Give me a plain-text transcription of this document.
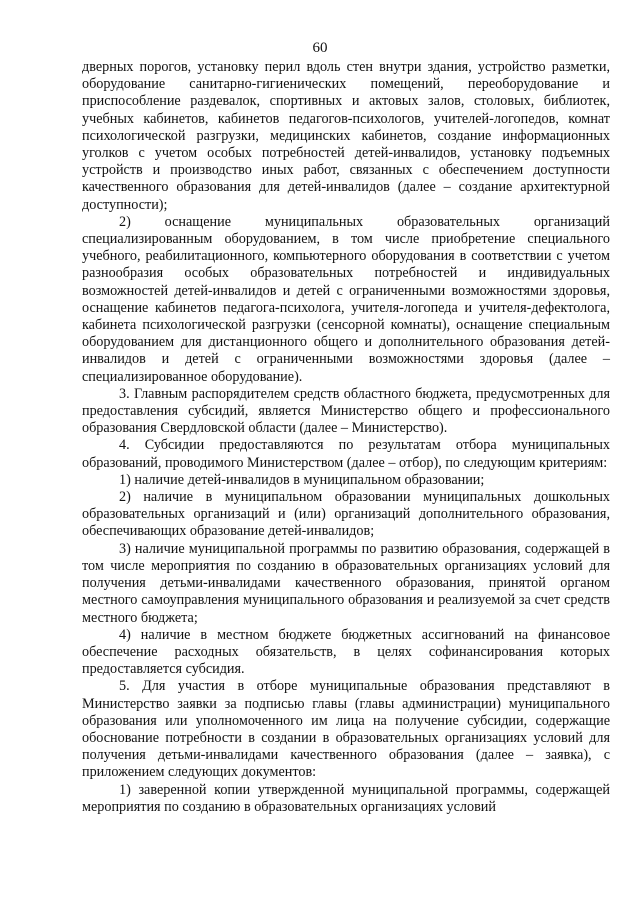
60

дверных порогов, установку перил вдоль стен внутри здания, устройство разметки, оборудование санитарно-гигиенических помещений, переоборудование и приспособление раздевалок, спортивных и актовых залов, столовых, библиотек, учебных кабинетов, кабинетов педагогов-психологов, учителей-логопедов, комнат психологической разгрузки, медицинских кабинетов, создание информационных уголков с учетом особых потребностей детей-инвалидов, установку подъемных устройств и производство иных работ, связанных с обеспечением доступности качественного образования для детей-инвалидов (далее – создание архитектурной доступности);

2) оснащение муниципальных образовательных организаций специализированным оборудованием, в том числе приобретение специального учебного, реабилитационного, компьютерного оборудования в соответствии с учетом разнообразия особых образовательных потребностей и индивидуальных возможностей детей-инвалидов и детей с ограниченными возможностями здоровья, оснащение кабинетов педагога-психолога, учителя-логопеда и учителя-дефектолога, кабинета психологической разгрузки (сенсорной комнаты), оснащение специальным оборудованием для дистанционного общего и дополнительного образования детей-инвалидов и детей с ограниченными возможностями здоровья (далее – специализированное оборудование).

3. Главным распорядителем средств областного бюджета, предусмотренных для предоставления субсидий, является Министерство общего и профессионального образования Свердловской области (далее – Министерство).

4. Субсидии предоставляются по результатам отбора муниципальных образований, проводимого Министерством (далее – отбор), по следующим критериям:

1) наличие детей-инвалидов в муниципальном образовании;

2) наличие в муниципальном образовании муниципальных дошкольных образовательных организаций и (или) организаций дополнительного образования, обеспечивающих образование детей-инвалидов;

3) наличие муниципальной программы по развитию образования, содержащей в том числе мероприятия по созданию в образовательных организациях условий для получения детьми-инвалидами качественного образования, принятой органом местного самоуправления муниципального образования и реализуемой за счет средств местного бюджета;

4) наличие в местном бюджете бюджетных ассигнований на финансовое обеспечение расходных обязательств, в целях софинансирования которых предоставляется субсидия.

5. Для участия в отборе муниципальные образования представляют в Министерство заявки за подписью главы (главы администрации) муниципального образования или уполномоченного им лица на получение субсидии, содержащие обоснование потребности в создании в образовательных организациях условий для получения детьми-инвалидами качественного образования (далее – заявка), с приложением следующих документов:

1) заверенной копии утвержденной муниципальной программы, содержащей мероприятия по созданию в образовательных организациях условий
